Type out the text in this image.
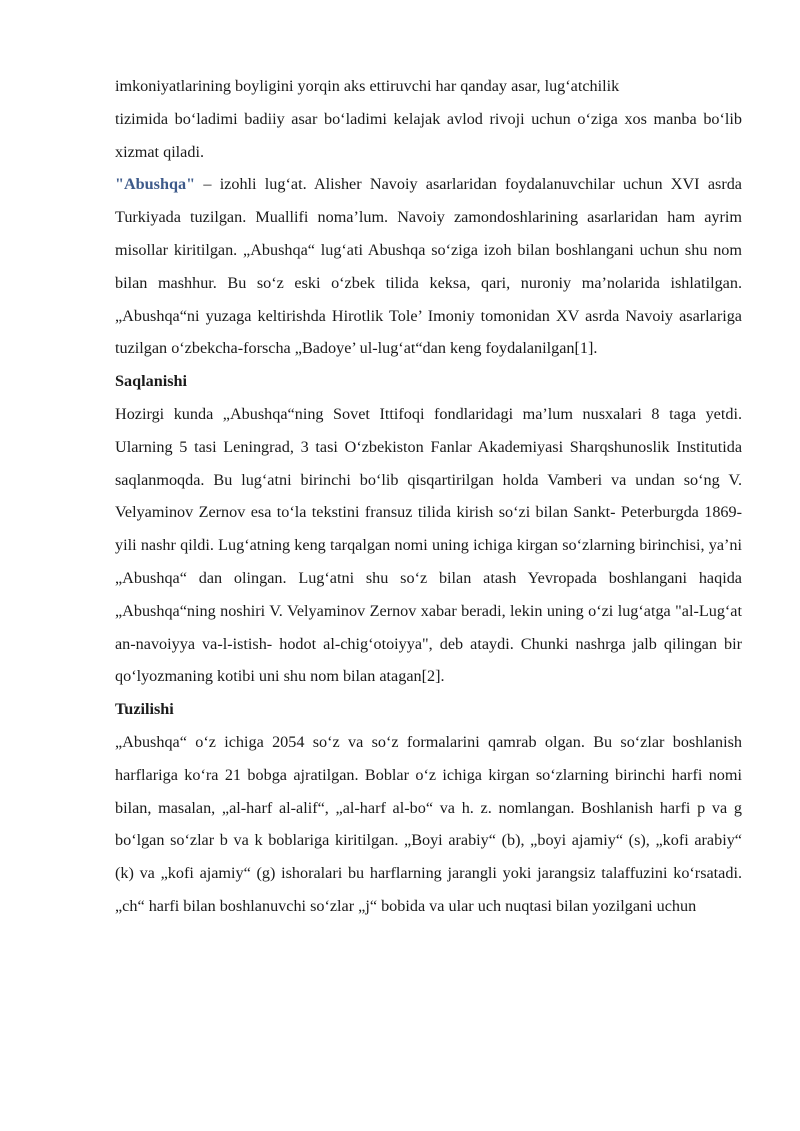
imkoniyatlarining boyligini yorqin aks ettiruvchi har qanday asar, lug‘atchilik

tizimida bo‘ladimi badiiy asar bo‘ladimi kelajak avlod rivoji uchun o‘ziga xos manba bo‘lib xizmat qiladi.

"Abushqa" – izohli lug‘at. Alisher Navoiy asarlaridan foydalanuvchilar uchun XVI asrda Turkiyada tuzilgan. Muallifi noma’lum. Navoiy zamondoshlarining asarlaridan ham ayrim misollar kiritilgan. „Abushqa“ lug‘ati Abushqa so‘ziga izoh bilan boshlangani uchun shu nom bilan mashhur. Bu so‘z eski o‘zbek tilida keksa, qari, nuroniy ma’nolarida ishlatilgan. „Abushqa“ni yuzaga keltirishda Hirotlik Tole’ Imoniy tomonidan XV asrda Navoiy asarlariga tuzilgan o‘zbekcha-forscha „Badoye’ ul-lug‘at“dan keng foydalanilgan[1].

Saqlanishi

Hozirgi kunda „Abushqa“ning Sovet Ittifoqi fondlaridagi ma’lum nusxalari 8 taga yetdi. Ularning 5 tasi Leningrad, 3 tasi O‘zbekiston Fanlar Akademiyasi Sharqshunoslik Institutida saqlanmoqda. Bu lug‘atni birinchi bo‘lib qisqartirilgan holda Vamberi va undan so‘ng V. Velyaminov Zernov esa to‘la tekstini fransuz tilida kirish so‘zi bilan Sankt- Peterburgda 1869-yili nashr qildi. Lug‘atning keng tarqalgan nomi uning ichiga kirgan so‘zlarning birinchisi, ya’ni „Abushqa“ dan olingan. Lug‘atni shu so‘z bilan atash Yevropada boshlangani haqida „Abushqa“ning noshiri V. Velyaminov Zernov xabar beradi, lekin uning o‘zi lug‘atga "al-Lug‘at an-navoiyya va-l-istish- hodot al-chig‘otoiyya", deb ataydi. Chunki nashrga jalb qilingan bir qo‘lyozmaning kotibi uni shu nom bilan atagan[2].

Tuzilishi

„Abushqa“ o‘z ichiga 2054 so‘z va so‘z formalarini qamrab olgan. Bu so‘zlar boshlanish harflariga ko‘ra 21 bobga ajratilgan. Boblar o‘z ichiga kirgan so‘zlarning birinchi harfi nomi bilan, masalan, „al-harf al-alif“, „al-harf al-bo“ va h. z. nomlangan. Boshlanish harfi p va g bo‘lgan so‘zlar b va k boblariga kiritilgan. „Boyi arabiy“ (b), „boyi ajamiy“ (s), „kofi arabiy“ (k) va „kofi ajamiy“ (g) ishoralari bu harflarning jarangli yoki jarangsiz talaffuzini ko‘rsatadi. „ch“ harfi bilan boshlanuvchi so‘zlar „j“ bobida va ular uch nuqtasi bilan yozilgani uchun
